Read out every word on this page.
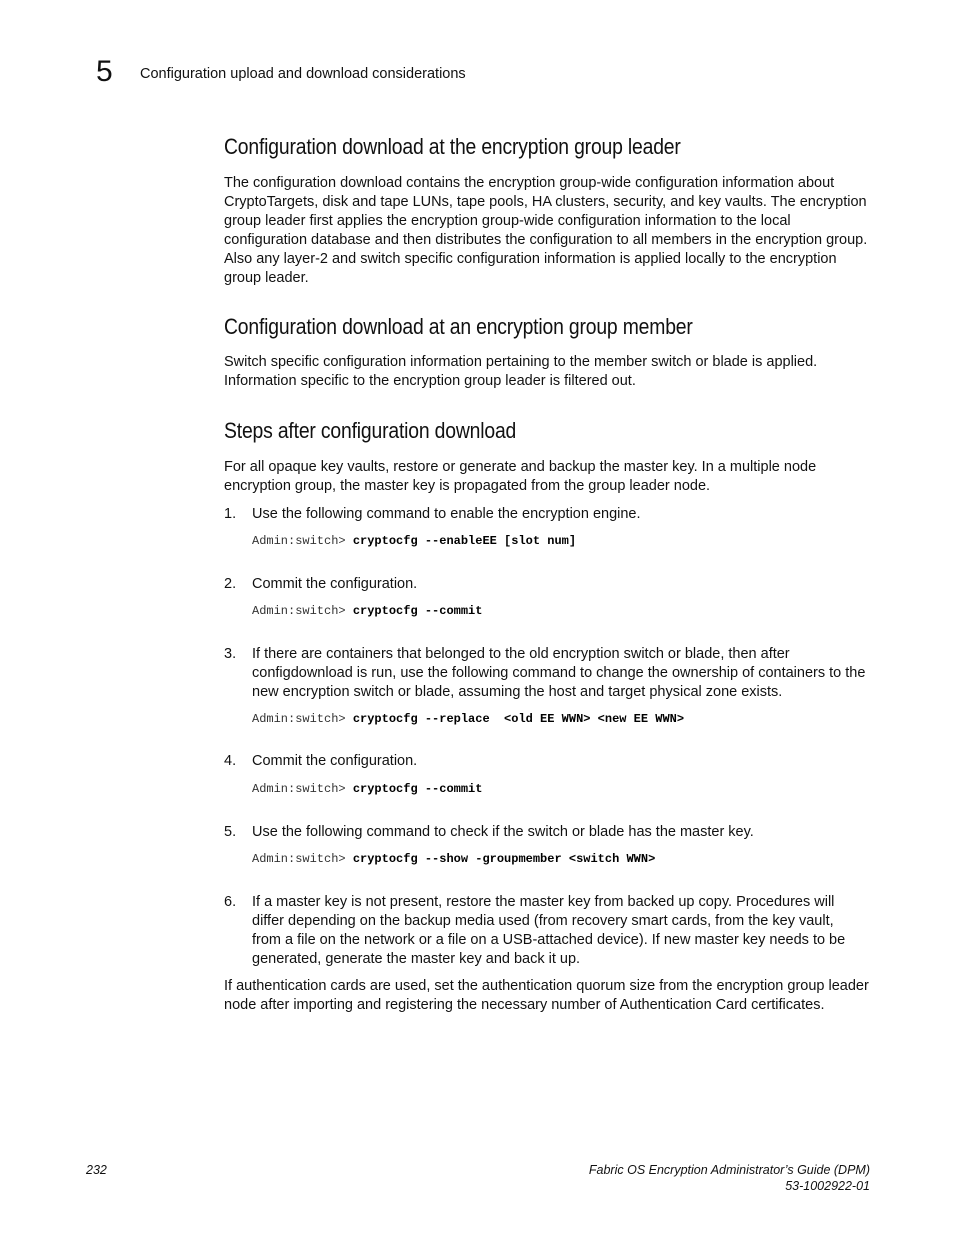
5 Configuration upload and download considerations
Configuration download at the encryption group leader

The configuration download contains the encryption group-wide configuration information about CryptoTargets, disk and tape LUNs, tape pools, HA clusters, security, and key vaults. The encryption group leader first applies the encryption group-wide configuration information to the local configuration database and then distributes the configuration to all members in the encryption group. Also any layer-2 and switch specific configuration information is applied locally to the encryption group leader.

Configuration download at an encryption group member

Switch specific configuration information pertaining to the member switch or blade is applied. Information specific to the encryption group leader is filtered out.

Steps after configuration download

For all opaque key vaults, restore or generate and backup the master key. In a multiple node encryption group, the master key is propagated from the group leader node.

1. Use the following command to enable the encryption engine.

Admin:switch> cryptocfg --enableEE [slot num]
2. Commit the configuration.

Admin:switch> cryptocfg --commit
3. If there are containers that belonged to the old encryption switch or blade, then after configdownload is run, use the following command to change the ownership of containers to the new encryption switch or blade, assuming the host and target physical zone exists.

Admin:switch> cryptocfg --replace  <old EE WWN> <new EE WWN>
4. Commit the configuration.

Admin:switch> cryptocfg --commit
5. Use the following command to check if the switch or blade has the master key.

Admin:switch> cryptocfg --show -groupmember <switch WWN>
6. If a master key is not present, restore the master key from backed up copy. Procedures will differ depending on the backup media used (from recovery smart cards, from the key vault, from a file on the network or a file on a USB-attached device). If new master key needs to be generated, generate the master key and back it up.

If authentication cards are used, set the authentication quorum size from the encryption group leader node after importing and registering the necessary number of Authentication Card certificates.

232	Fabric OS Encryption Administrator’s Guide (DPM)
53-1002922-01
